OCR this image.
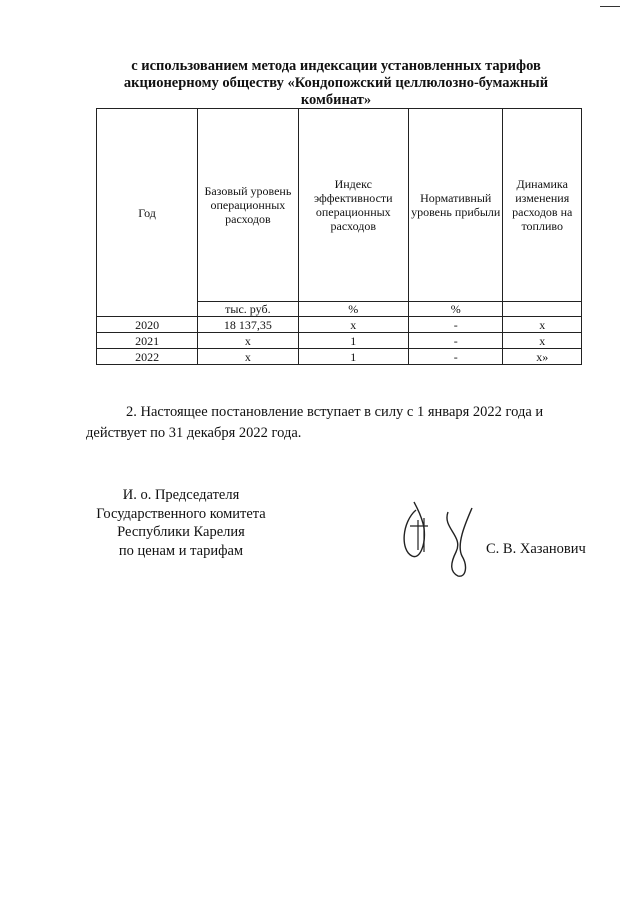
с использованием метода индексации установленных тарифов
акционерному обществу «Кондопожский целлюлозно-бумажный
комбинат»
Год	Базовый уровень операционных расходов	Индекс эффективности операционных расходов	Нормативный уровень прибыли	Динамика изменения расходов на топливо
	тыс. руб.	%	%	
2020	18 137,35	x	-	x
2021	x	1	-	x
2022	x	1	-	x»
2. Настоящее постановление вступает в силу с 1 января 2022 года и
действует по 31 декабря 2022 года.
И. о. Председателя
Государственного комитета
Республики Карелия
по ценам и тарифам	С. В. Хазанович
